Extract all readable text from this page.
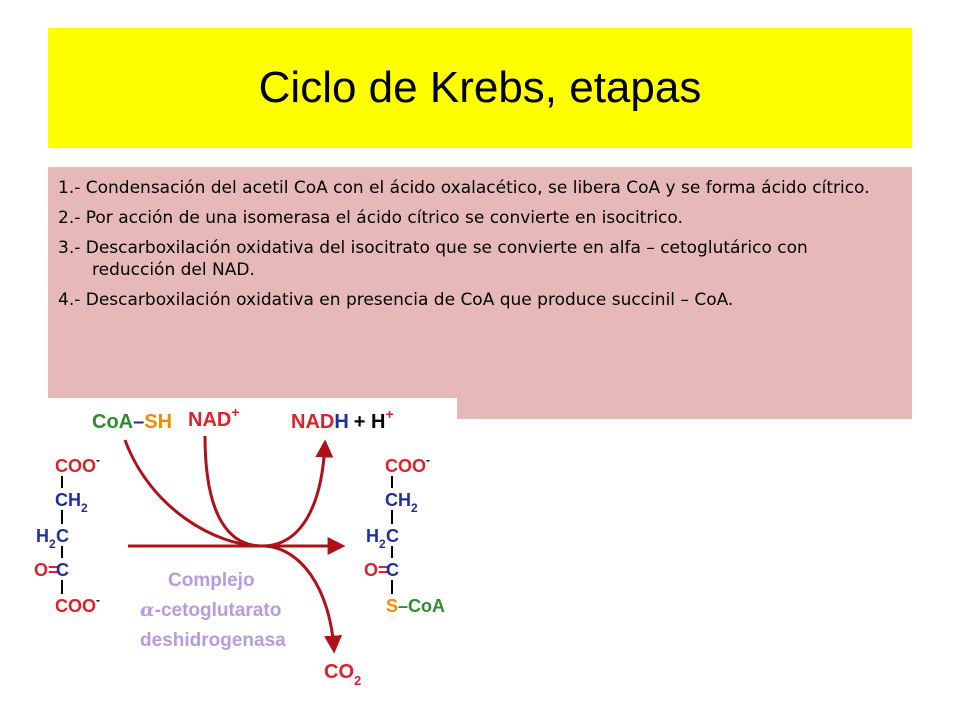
Ciclo de Krebs, etapas
1.- Condensación del acetil CoA con el ácido oxalacético, se libera CoA y se forma ácido cítrico.
2.- Por acción de una isomerasa el ácido cítrico se convierte en isocitrico.
3.- Descarboxilación oxidativa del isocitrato que se convierte en alfa – cetoglutárico con reducción del NAD.
4.- Descarboxilación oxidativa en presencia de CoA que produce succinil – CoA.
CoA–SH NAD+	NADH + H+
COO-
$CH_2$
$H_2$ C
O=
C
COO-
COO-
$CH_2$
$H_2$ C
O=
C
S–CoA
Complejo
α-cetoglutarato
deshidrogenasa
$CO_2$
